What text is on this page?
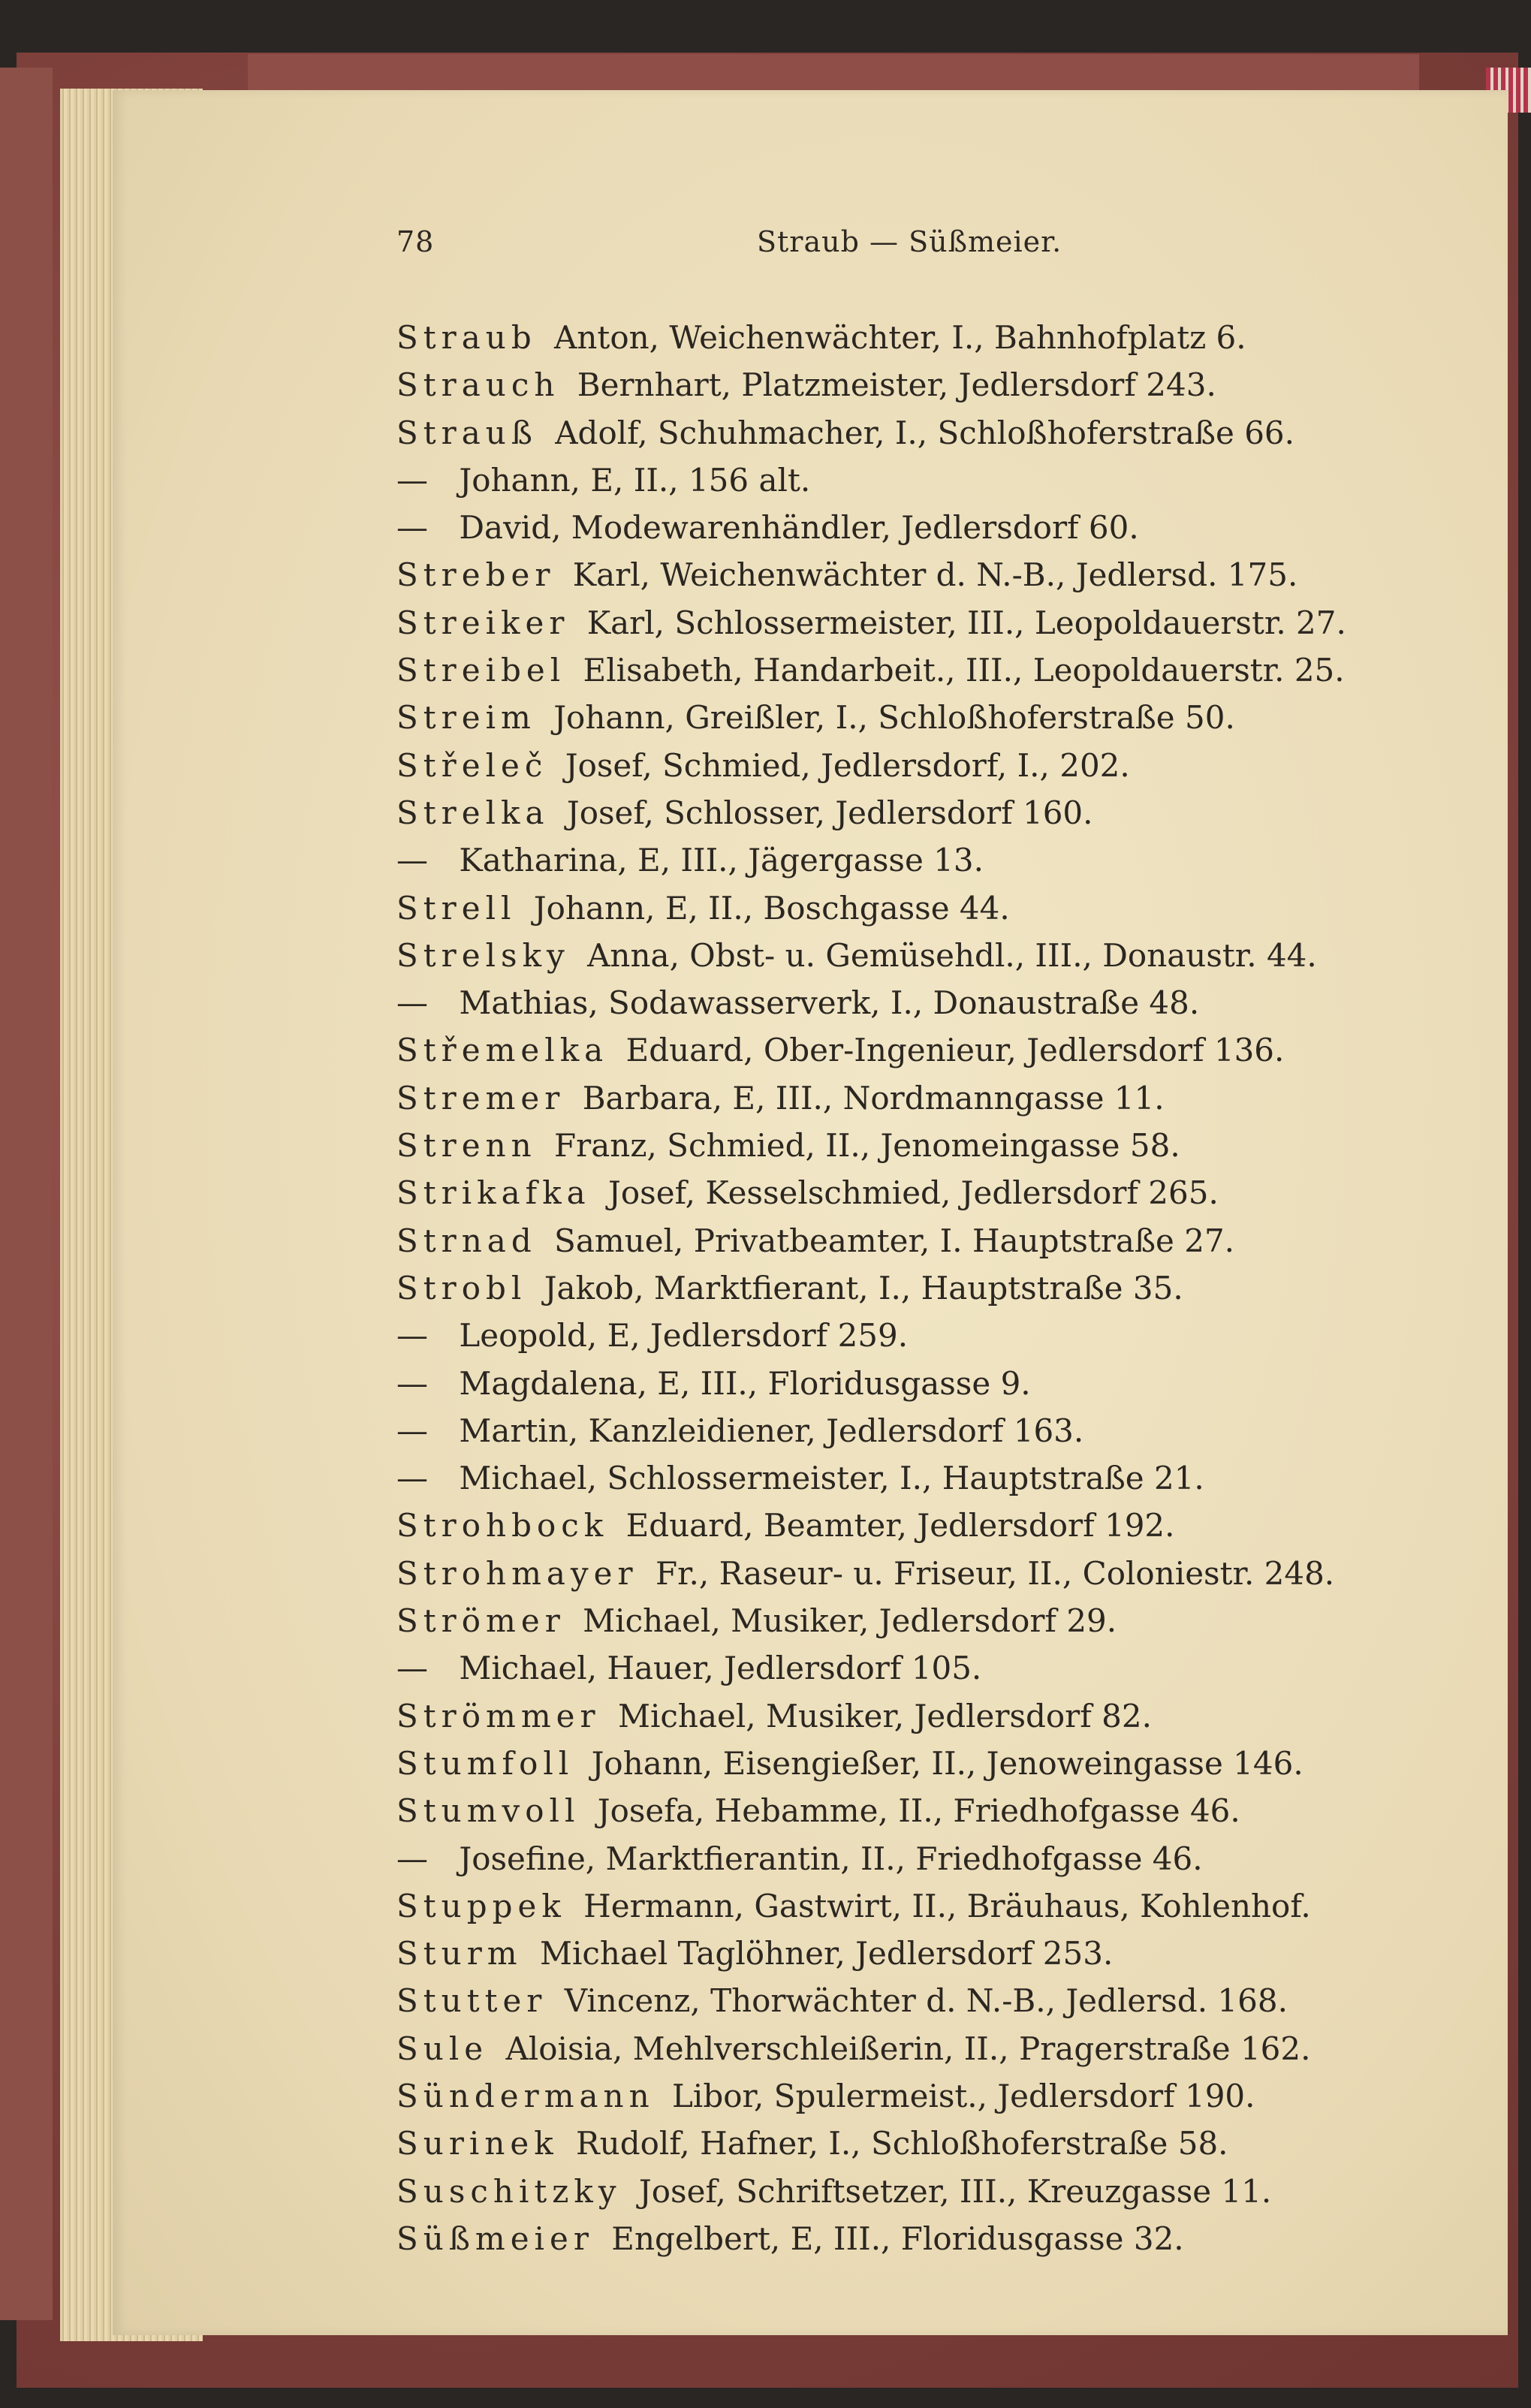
78	Straub — Süßmeier.
Straub Anton, Weichenwächter, I., Bahnhofplatz 6.
Strauch Bernhart, Platzmeister, Jedlersdorf 243.
Strauß Adolf, Schuhmacher, I., Schloßhoferstraße 66.
— Johann, E, II., 156 alt.
— David, Modewarenhändler, Jedlersdorf 60.
Streber Karl, Weichenwächter d. N.-B., Jedlersd. 175.
Streiker Karl, Schlossermeister, III., Leopoldauerstr. 27.
Streibel Elisabeth, Handarbeit., III., Leopoldauerstr. 25.
Streim Johann, Greißler, I., Schloßhoferstraße 50.
Střeleč Josef, Schmied, Jedlersdorf, I., 202.
Strelka Josef, Schlosser, Jedlersdorf 160.
— Katharina, E, III., Jägergasse 13.
Strell Johann, E, II., Boschgasse 44.
Strelsky Anna, Obst- u. Gemüsehdl., III., Donaustr. 44.
— Mathias, Sodawasserverk, I., Donaustraße 48.
Střemelka Eduard, Ober-Ingenieur, Jedlersdorf 136.
Stremer Barbara, E, III., Nordmanngasse 11.
Strenn Franz, Schmied, II., Jenomeingasse 58.
Strikafka Josef, Kesselschmied, Jedlersdorf 265.
Strnad Samuel, Privatbeamter, I. Hauptstraße 27.
Strobl Jakob, Marktfierant, I., Hauptstraße 35.
— Leopold, E, Jedlersdorf 259.
— Magdalena, E, III., Floridusgasse 9.
— Martin, Kanzleidiener, Jedlersdorf 163.
— Michael, Schlossermeister, I., Hauptstraße 21.
Strohbock Eduard, Beamter, Jedlersdorf 192.
Strohmayer Fr., Raseur- u. Friseur, II., Coloniestr. 248.
Strömer Michael, Musiker, Jedlersdorf 29.
— Michael, Hauer, Jedlersdorf 105.
Strömmer Michael, Musiker, Jedlersdorf 82.
Stumfoll Johann, Eisengießer, II., Jenoweingasse 146.
Stumvoll Josefa, Hebamme, II., Friedhofgasse 46.
— Josefine, Marktfierantin, II., Friedhofgasse 46.
Stuppek Hermann, Gastwirt, II., Bräuhaus, Kohlenhof.
Sturm Michael Taglöhner, Jedlersdorf 253.
Stutter Vincenz, Thorwächter d. N.-B., Jedlersd. 168.
Sule Aloisia, Mehlverschleißerin, II., Pragerstraße 162.
Sündermann Libor, Spulermeist., Jedlersdorf 190.
Surinek Rudolf, Hafner, I., Schloßhoferstraße 58.
Suschitzky Josef, Schriftsetzer, III., Kreuzgasse 11.
Süßmeier Engelbert, E, III., Floridusgasse 32.
